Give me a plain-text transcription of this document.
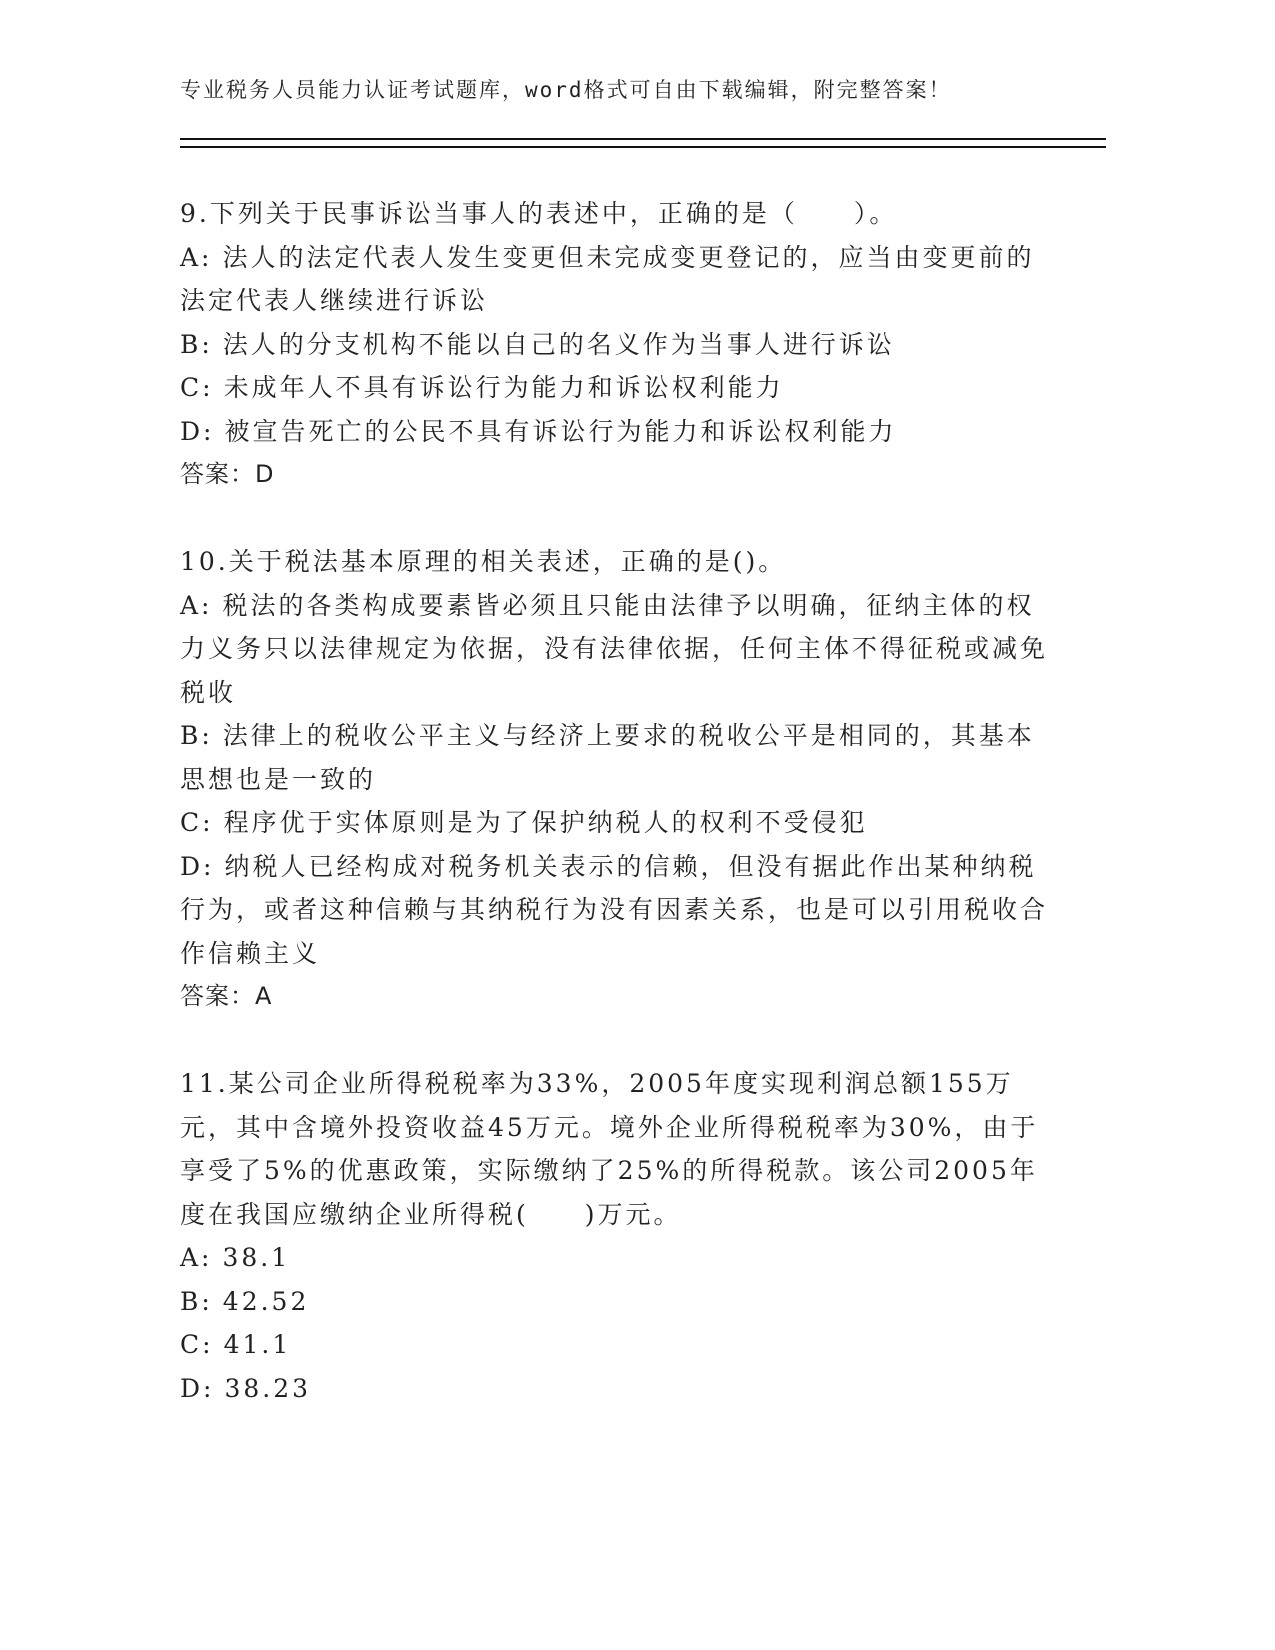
专业税务人员能力认证考试题库，word格式可自由下载编辑，附完整答案！

9.下列关于民事诉讼当事人的表述中，正确的是（　　）。

A: 法人的法定代表人发生变更但未完成变更登记的，应当由变更前的法定代表人继续进行诉讼

B: 法人的分支机构不能以自己的名义作为当事人进行诉讼

C: 未成年人不具有诉讼行为能力和诉讼权利能力

D: 被宣告死亡的公民不具有诉讼行为能力和诉讼权利能力

答案：D

10.关于税法基本原理的相关表述，正确的是()。

A: 税法的各类构成要素皆必须且只能由法律予以明确，征纳主体的权力义务只以法律规定为依据，没有法律依据，任何主体不得征税或减免税收

B: 法律上的税收公平主义与经济上要求的税收公平是相同的，其基本思想也是一致的

C: 程序优于实体原则是为了保护纳税人的权利不受侵犯

D: 纳税人已经构成对税务机关表示的信赖，但没有据此作出某种纳税行为，或者这种信赖与其纳税行为没有因素关系，也是可以引用税收合作信赖主义

答案：A

11.某公司企业所得税税率为33%，2005年度实现利润总额155万元，其中含境外投资收益45万元。境外企业所得税税率为30%，由于享受了5%的优惠政策，实际缴纳了25%的所得税款。该公司2005年度在我国应缴纳企业所得税(　　)万元。

A: 38.1

B: 42.52

C: 41.1

D: 38.23
